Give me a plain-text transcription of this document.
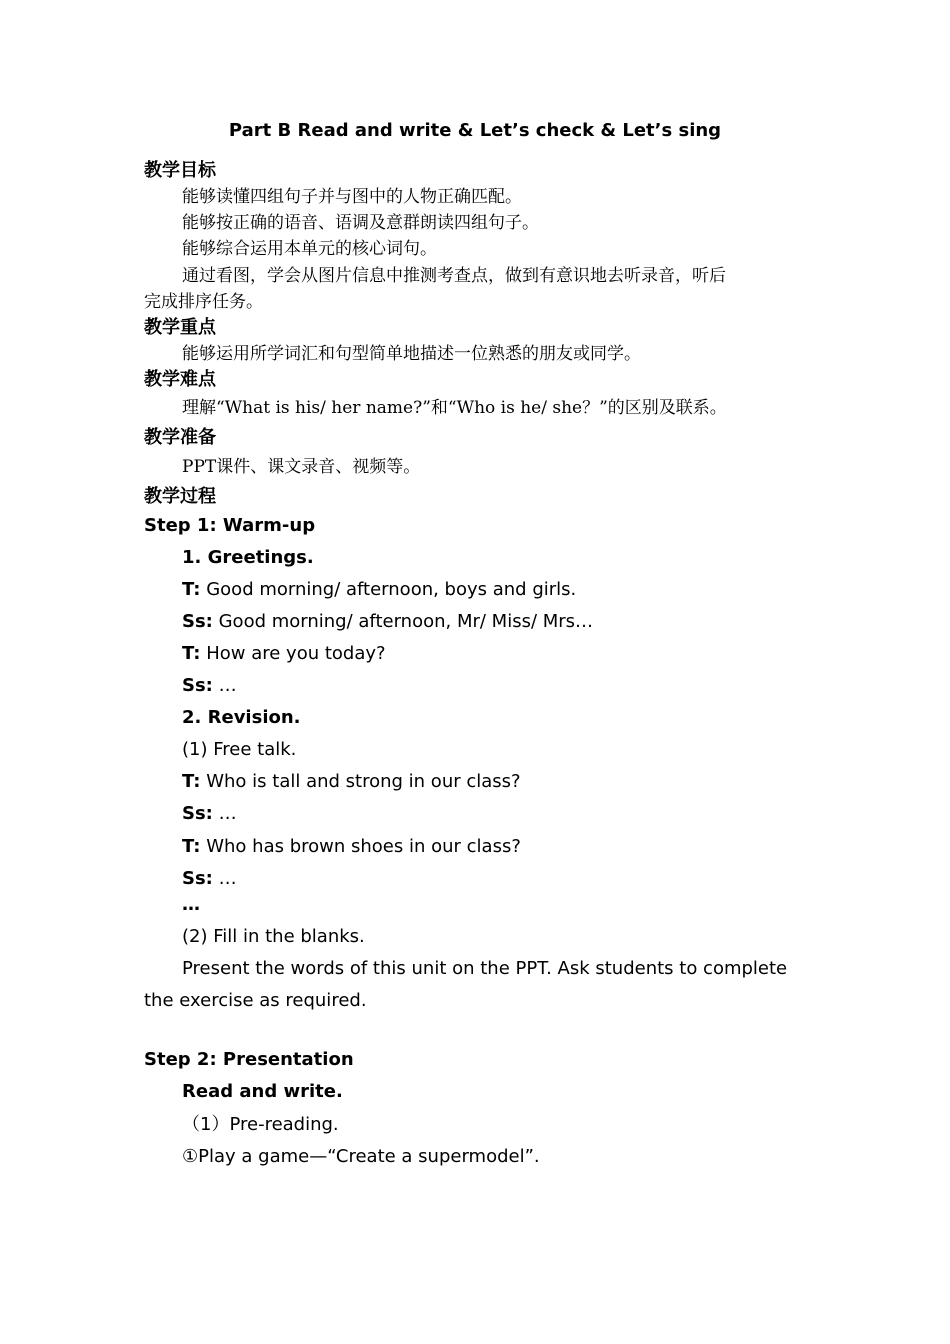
Part B Read and write & Let’s check & Let’s sing
教学目标
能够读懂四组句子并与图中的人物正确匹配。
能够按正确的语音、语调及意群朗读四组句子。
能够综合运用本单元的核心词句。
通过看图，学会从图片信息中推测考查点，做到有意识地去听录音，听后
完成排序任务。
教学重点
能够运用所学词汇和句型简单地描述一位熟悉的朋友或同学。
教学难点
理解“What is his/ her name?”和“Who is he/ she？”的区别及联系。
教学准备
PPT课件、课文录音、视频等。
教学过程
Step 1: Warm-up
1. Greetings.
T: Good morning/ afternoon, boys and girls.
Ss: Good morning/ afternoon, Mr/ Miss/ Mrs…
T: How are you today?
Ss: …
2. Revision.
(1) Free talk.
T: Who is tall and strong in our class?
Ss: …
T: Who has brown shoes in our class?
Ss: …
…
(2) Fill in the blanks.
Present the words of this unit on the PPT. Ask students to complete
the exercise as required.
Step 2: Presentation
Read and write.
（1）Pre-reading.
①Play a game—“Create a supermodel”.
